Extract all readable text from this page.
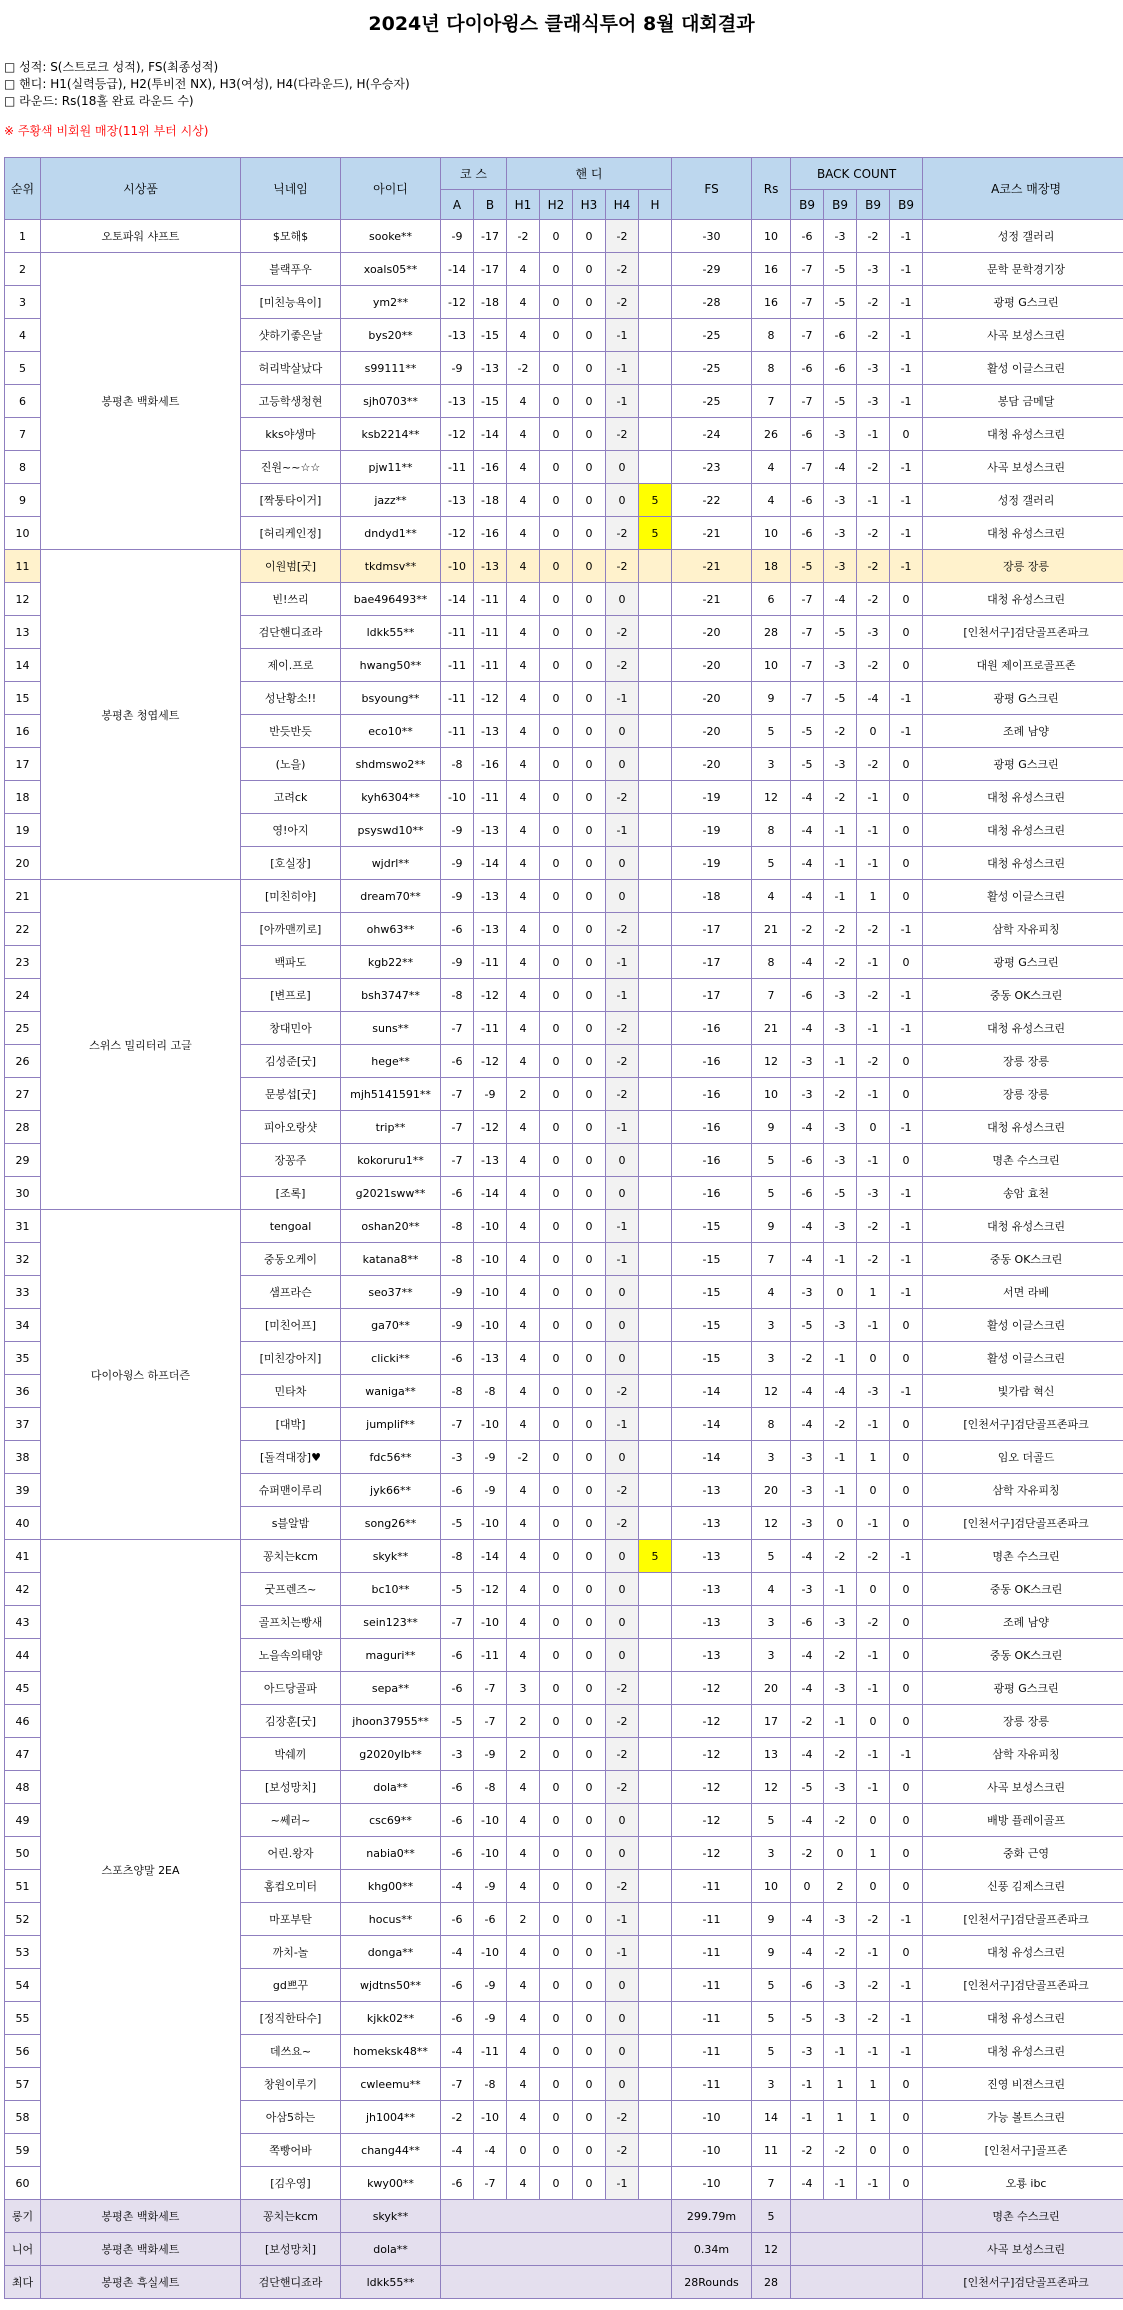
2024년 다이아윙스 클래식투어 8월 대회결과
□ 성적: S(스트로크 성적), FS(최종성적)
□ 핸디: H1(실력등급), H2(투비전 NX), H3(여성), H4(다라운드), H(우승자)
□ 라운드: Rs(18홀 완료 라운드 수)
※ 주황색 비회원 매장(11위 부터 시상)
순위	시상품	닉네임	아이디	코 스		핸 디					FS	Rs	BACK COUNT				A코스 매장명
				A	B	H1	H2	H3	H4	H			B9	B9	B9	B9	
1	오토파워 샤프트	$모해$	sooke**	-9	-17	-2	0	0	-2		-30	10	-6	-3	-2	-1	성정 갤러리
2	봉평촌 백화세트	블랙푸우	xoals05**	-14	-17	4	0	0	-2		-29	16	-7	-5	-3	-1	문학 문학경기장
3		[미친능욕이]	ym2**	-12	-18	4	0	0	-2		-28	16	-7	-5	-2	-1	광평 G스크린
4		샷하기좋은날	bys20**	-13	-15	4	0	0	-1		-25	8	-7	-6	-2	-1	사곡 보성스크린
5		허리박살났다	s99111**	-9	-13	-2	0	0	-1		-25	8	-6	-6	-3	-1	활성 이글스크린
6		고등학생청현	sjh0703**	-13	-15	4	0	0	-1		-25	7	-7	-5	-3	-1	봉담 금메달
7		kks야생마	ksb2214**	-12	-14	4	0	0	-2		-24	26	-6	-3	-1	0	대청 유성스크린
8		진원~~☆☆	pjw11**	-11	-16	4	0	0	0		-23	4	-7	-4	-2	-1	사곡 보성스크린
9		[짝퉁타이거]	jazz**	-13	-18	4	0	0	0	5	-22	4	-6	-3	-1	-1	성정 갤러리
10		[허리케인정]	dndyd1**	-12	-16	4	0	0	-2	5	-21	10	-6	-3	-2	-1	대청 유성스크린
11	봉평촌 청엽세트	이원범[굿]	tkdmsv**	-10	-13	4	0	0	-2		-21	18	-5	-3	-2	-1	장릉 장릉
12		빈!쓰리	bae496493**	-14	-11	4	0	0	0		-21	6	-7	-4	-2	0	대청 유성스크린
13		검단핸디죠라	ldkk55**	-11	-11	4	0	0	-2		-20	28	-7	-5	-3	0	[인천서구]검단골프존파크
14		제이.프로	hwang50**	-11	-11	4	0	0	-2		-20	10	-7	-3	-2	0	대원 제이프로골프존
15		성난황소!!	bsyoung**	-11	-12	4	0	0	-1		-20	9	-7	-5	-4	-1	광평 G스크린
16		반듯반듯	eco10**	-11	-13	4	0	0	0		-20	5	-5	-2	0	-1	조례 남양
17		(노을)	shdmswo2**	-8	-16	4	0	0	0		-20	3	-5	-3	-2	0	광평 G스크린
18		고려ck	kyh6304**	-10	-11	4	0	0	-2		-19	12	-4	-2	-1	0	대청 유성스크린
19		영!아지	psyswd10**	-9	-13	4	0	0	-1		-19	8	-4	-1	-1	0	대청 유성스크린
20		[호실장]	wjdrl**	-9	-14	4	0	0	0		-19	5	-4	-1	-1	0	대청 유성스크린
21	스위스 밀리터리 고글	[미친히야]	dream70**	-9	-13	4	0	0	0		-18	4	-4	-1	1	0	활성 이글스크린
22		[아까맨끼로]	ohw63**	-6	-13	4	0	0	-2		-17	21	-2	-2	-2	-1	삼학 자유피칭
23		백파도	kgb22**	-9	-11	4	0	0	-1		-17	8	-4	-2	-1	0	광평 G스크린
24		[변프로]	bsh3747**	-8	-12	4	0	0	-1		-17	7	-6	-3	-2	-1	중동 OK스크린
25		창대민아	suns**	-7	-11	4	0	0	-2		-16	21	-4	-3	-1	-1	대청 유성스크린
26		김성준[굿]	hege**	-6	-12	4	0	0	-2		-16	12	-3	-1	-2	0	장릉 장릉
27		문봉섭[굿]	mjh5141591**	-7	-9	2	0	0	-2		-16	10	-3	-2	-1	0	장릉 장릉
28		피아오랑샷	trip**	-7	-12	4	0	0	-1		-16	9	-4	-3	0	-1	대청 유성스크린
29		장꽁주	kokoruru1**	-7	-13	4	0	0	0		-16	5	-6	-3	-1	0	명촌 수스크린
30		[조록]	g2021sww**	-6	-14	4	0	0	0		-16	5	-6	-5	-3	-1	송암 효천
31	다이아윙스 하프더즌	tengoal	oshan20**	-8	-10	4	0	0	-1		-15	9	-4	-3	-2	-1	대청 유성스크린
32		중동오케이	katana8**	-8	-10	4	0	0	-1		-15	7	-4	-1	-2	-1	중동 OK스크린
33		샘프라슨	seo37**	-9	-10	4	0	0	0		-15	4	-3	0	1	-1	서면 라베
34		[미친어프]	ga70**	-9	-10	4	0	0	0		-15	3	-5	-3	-1	0	활성 이글스크린
35		[미친강아지]	clicki**	-6	-13	4	0	0	0		-15	3	-2	-1	0	0	활성 이글스크린
36		민타차	waniga**	-8	-8	4	0	0	-2		-14	12	-4	-4	-3	-1	빛가람 혁신
37		[대박]	jumplif**	-7	-10	4	0	0	-1		-14	8	-4	-2	-1	0	[인천서구]검단골프존파크
38		[돌격대장]♥	fdc56**	-3	-9	-2	0	0	0		-14	3	-3	-1	1	0	임오 더골드
39		슈퍼맨이루리	jyk66**	-6	-9	4	0	0	-2		-13	20	-3	-1	0	0	삼학 자유피칭
40		s블알밤	song26**	-5	-10	4	0	0	-2		-13	12	-3	0	-1	0	[인천서구]검단골프존파크
41	스포츠양말 2EA	꽁치는kcm	skyk**	-8	-14	4	0	0	0	5	-13	5	-4	-2	-2	-1	명촌 수스크린
42		굿프렌즈~	bc10**	-5	-12	4	0	0	0		-13	4	-3	-1	0	0	중동 OK스크린
43		골프치는빵새	sein123**	-7	-10	4	0	0	0		-13	3	-6	-3	-2	0	조례 남양
44		노을속의태양	maguri**	-6	-11	4	0	0	0		-13	3	-4	-2	-1	0	중동 OK스크린
45		아드당골파	sepa**	-6	-7	3	0	0	-2		-12	20	-4	-3	-1	0	광평 G스크린
46		김장훈[굿]	jhoon37955**	-5	-7	2	0	0	-2		-12	17	-2	-1	0	0	장릉 장릉
47		박쉐끼	g2020ylb**	-3	-9	2	0	0	-2		-12	13	-4	-2	-1	-1	삼학 자유피칭
48		[보성망치]	dola**	-6	-8	4	0	0	-2		-12	12	-5	-3	-1	0	사곡 보성스크린
49		~쎄러~	csc69**	-6	-10	4	0	0	0		-12	5	-4	-2	0	0	배방 플레이골프
50		어린.왕자	nabia0**	-6	-10	4	0	0	0		-12	3	-2	0	1	0	중화 근영
51		홈컵오미터	khg00**	-4	-9	4	0	0	-2		-11	10	0	2	0	0	신풍 김제스크린
52		마포부탄	hocus**	-6	-6	2	0	0	-1		-11	9	-4	-3	-2	-1	[인천서구]검단골프존파크
53		까치-놀	donga**	-4	-10	4	0	0	-1		-11	9	-4	-2	-1	0	대청 유성스크린
54		gd쁘꾸	wjdtns50**	-6	-9	4	0	0	0		-11	5	-6	-3	-2	-1	[인천서구]검단골프존파크
55		[정직한타수]	kjkk02**	-6	-9	4	0	0	0		-11	5	-5	-3	-2	-1	대청 유성스크린
56		데쓰요~	homeksk48**	-4	-11	4	0	0	0		-11	5	-3	-1	-1	-1	대청 유성스크린
57		창원이루기	cwleemu**	-7	-8	4	0	0	0		-11	3	-1	1	1	0	진영 비젼스크린
58		아삼5하는	jh1004**	-2	-10	4	0	0	-2		-10	14	-1	1	1	0	가능 볼트스크린
59		쪽빵어바	chang44**	-4	-4	0	0	0	-2		-10	11	-2	-2	0	0	[인천서구]골프존
60		[김우영]	kwy00**	-6	-7	4	0	0	-1		-10	7	-4	-1	-1	0	오룡 ibc
롱기	봉평촌 백화세트	꽁치는kcm	skyk**								299.79m	5					명촌 수스크린
니어	봉평촌 백화세트	[보성망치]	dola**								0.34m	12					사곡 보성스크린
최다	봉평촌 흑실세트	검단핸디죠라	ldkk55**								28Rounds	28					[인천서구]검단골프존파크
